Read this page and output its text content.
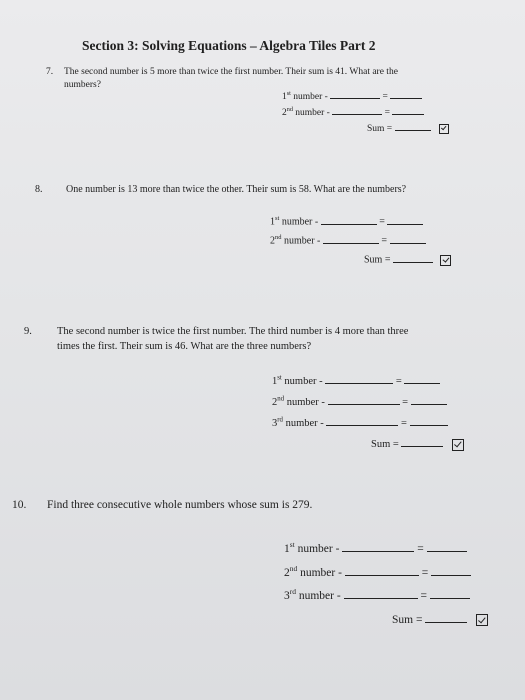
Section 3: Solving Equations – Algebra Tiles Part 2
7. The second number is 5 more than twice the first number. Their sum is 41. What are the
numbers?
1st number -	=
2nd number -	=
Sum =
8. One number is 13 more than twice the other. Their sum is 58. What are the numbers?
1st number -	=
2nd number -	=
Sum =
9. The second number is twice the first number. The third number is 4 more than three
times the first. Their sum is 46. What are the three numbers?
1st number -	=
2nd number -	=
3rd number -	=
Sum =
10. Find three consecutive whole numbers whose sum is 279.
1st number -	=
2nd number -	=
3rd number -	=
Sum =
